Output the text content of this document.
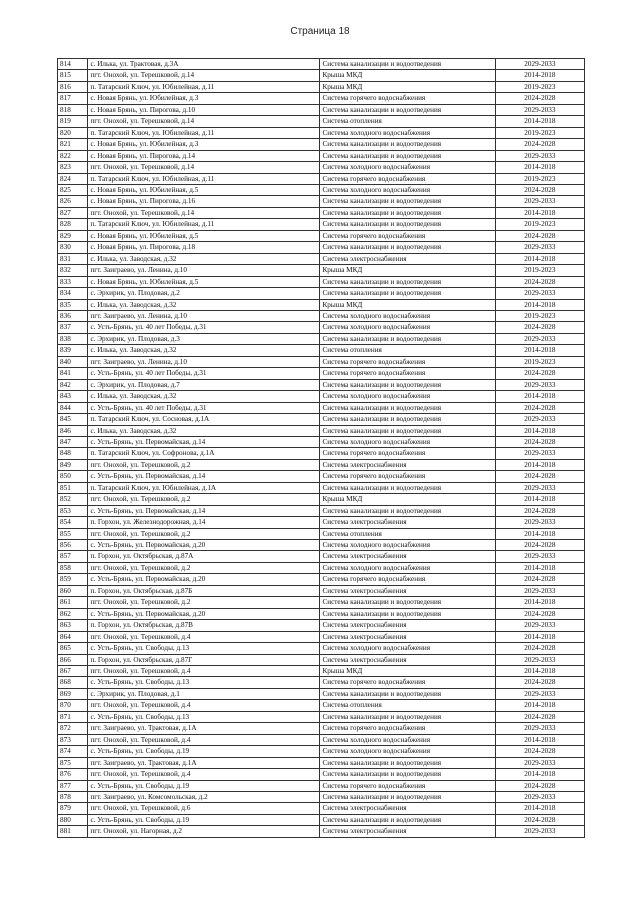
Страница 18
814	с. Илька, ул. Трактовая, д.3А	Система канализации и водоотведения	2029-2033
815	пгт. Онохой, ул. Терешковой, д.14	Крыша МКД	2014-2018
816	п. Татарский Ключ, ул. Юбилейная, д.11	Крыша МКД	2019-2023
817	с. Новая Брянь, ул. Юбилейная, д.3	Система горячего водоснабжения	2024-2028
818	с. Новая Брянь, ул. Пирогова, д.10	Система канализации и водоотведения	2029-2033
819	пгт. Онохой, ул. Терешковой, д.14	Система отопления	2014-2018
820	п. Татарский Ключ, ул. Юбилейная, д.11	Система холодного водоснабжения	2019-2023
821	с. Новая Брянь, ул. Юбилейная, д.3	Система канализации и водоотведения	2024-2028
822	с. Новая Брянь, ул. Пирогова, д.14	Система канализации и водоотведения	2029-2033
823	пгт. Онохой, ул. Терешковой, д.14	Система холодного водоснабжения	2014-2018
824	п. Татарский Ключ, ул. Юбилейная, д.11	Система горячего водоснабжения	2019-2023
825	с. Новая Брянь, ул. Юбилейная, д.5	Система холодного водоснабжения	2024-2028
826	с. Новая Брянь, ул. Пирогова, д.16	Система канализации и водоотведения	2029-2033
827	пгт. Онохой, ул. Терешковой, д.14	Система канализации и водоотведения	2014-2018
828	п. Татарский Ключ, ул. Юбилейная, д.11	Система канализации и водоотведения	2019-2023
829	с. Новая Брянь, ул. Юбилейная, д.5	Система горячего водоснабжения	2024-2028
830	с. Новая Брянь, ул. Пирогова, д.18	Система канализации и водоотведения	2029-2033
831	с. Илька, ул. Заводская, д.32	Система электроснабжения	2014-2018
832	пгт. Заиграево, ул. Ленина, д.10	Крыша МКД	2019-2023
833	с. Новая Брянь, ул. Юбилейная, д.5	Система канализации и водоотведения	2024-2028
834	с. Эрхирик, ул. Плодовая, д.2	Система канализации и водоотведения	2029-2033
835	с. Илька, ул. Заводская, д.32	Крыша МКД	2014-2018
836	пгт. Заиграево, ул. Ленина, д.10	Система холодного водоснабжения	2019-2023
837	с. Усть-Брянь, ул. 40 лет Победы, д.31	Система холодного водоснабжения	2024-2028
838	с. Эрхирик, ул. Плодовая, д.3	Система канализации и водоотведения	2029-2033
839	с. Илька, ул. Заводская, д.32	Система отопления	2014-2018
840	пгт. Заиграево, ул. Ленина, д.10	Система горячего водоснабжения	2019-2023
841	с. Усть-Брянь, ул. 40 лет Победы, д.31	Система горячего водоснабжения	2024-2028
842	с. Эрхирик, ул. Плодовая, д.7	Система канализации и водоотведения	2029-2033
843	с. Илька, ул. Заводская, д.32	Система холодного водоснабжения	2014-2018
844	с. Усть-Брянь, ул. 40 лет Победы, д.31	Система канализации и водоотведения	2024-2028
845	п. Татарский Ключ, ул. Сосновая, д.1А	Система канализации и водоотведения	2029-2033
846	с. Илька, ул. Заводская, д.32	Система канализации и водоотведения	2014-2018
847	с. Усть-Брянь, ул. Первомайская, д.14	Система холодного водоснабжения	2024-2028
848	п. Татарский Ключ, ул. Софронова, д.1А	Система горячего водоснабжения	2029-2033
849	пгт. Онохой, ул. Терешковой, д.2	Система электроснабжения	2014-2018
850	с. Усть-Брянь, ул. Первомайская, д.14	Система горячего водоснабжения	2024-2028
851	п. Татарский Ключ, ул. Юбилейная, д.1А	Система канализации и водоотведения	2029-2033
852	пгт. Онохой, ул. Терешковой, д.2	Крыша МКД	2014-2018
853	с. Усть-Брянь, ул. Первомайская, д.14	Система канализации и водоотведения	2024-2028
854	п. Горхон, ул. Железнодорожная, д.14	Система электроснабжения	2029-2033
855	пгт. Онохой, ул. Терешковой, д.2	Система отопления	2014-2018
856	с. Усть-Брянь, ул. Первомайская, д.20	Система холодного водоснабжения	2024-2028
857	п. Горхон, ул. Октябрьская, д.87А	Система электроснабжения	2029-2033
858	пгт. Онохой, ул. Терешковой, д.2	Система холодного водоснабжения	2014-2018
859	с. Усть-Брянь, ул. Первомайская, д.20	Система горячего водоснабжения	2024-2028
860	п. Горхон, ул. Октябрьская, д.87Б	Система электроснабжения	2029-2033
861	пгт. Онохой, ул. Терешковой, д.2	Система канализации и водоотведения	2014-2018
862	с. Усть-Брянь, ул. Первомайская, д.20	Система канализации и водоотведения	2024-2028
863	п. Горхон, ул. Октябрьская, д.87В	Система электроснабжения	2029-2033
864	пгт. Онохой, ул. Терешковой, д.4	Система электроснабжения	2014-2018
865	с. Усть-Брянь, ул. Свободы, д.13	Система холодного водоснабжения	2024-2028
866	п. Горхон, ул. Октябрьская, д.87Г	Система электроснабжения	2029-2033
867	пгт. Онохой, ул. Терешковой, д.4	Крыша МКД	2014-2018
868	с. Усть-Брянь, ул. Свободы, д.13	Система горячего водоснабжения	2024-2028
869	с. Эрхирик, ул. Плодовая, д.1	Система канализации и водоотведения	2029-2033
870	пгт. Онохой, ул. Терешковой, д.4	Система отопления	2014-2018
871	с. Усть-Брянь, ул. Свободы, д.13	Система канализации и водоотведения	2024-2028
872	пгт. Заиграево, ул. Трактовая, д.1А	Система горячего водоснабжения	2029-2033
873	пгт. Онохой, ул. Терешковой, д.4	Система холодного водоснабжения	2014-2018
874	с. Усть-Брянь, ул. Свободы, д.19	Система холодного водоснабжения	2024-2028
875	пгт. Заиграево, ул. Трактовая, д.1А	Система канализации и водоотведения	2029-2033
876	пгт. Онохой, ул. Терешковой, д.4	Система канализации и водоотведения	2014-2018
877	с. Усть-Брянь, ул. Свободы, д.19	Система горячего водоснабжения	2024-2028
878	пгт. Заиграево, ул. Комсомольская, д.2	Система канализации и водоотведения	2029-2033
879	пгт. Онохой, ул. Терешковой, д.6	Система электроснабжения	2014-2018
880	с. Усть-Брянь, ул. Свободы, д.19	Система канализации и водоотведения	2024-2028
881	пгт. Онохой, ул. Нагорная, д.2	Система электроснабжения	2029-2033
